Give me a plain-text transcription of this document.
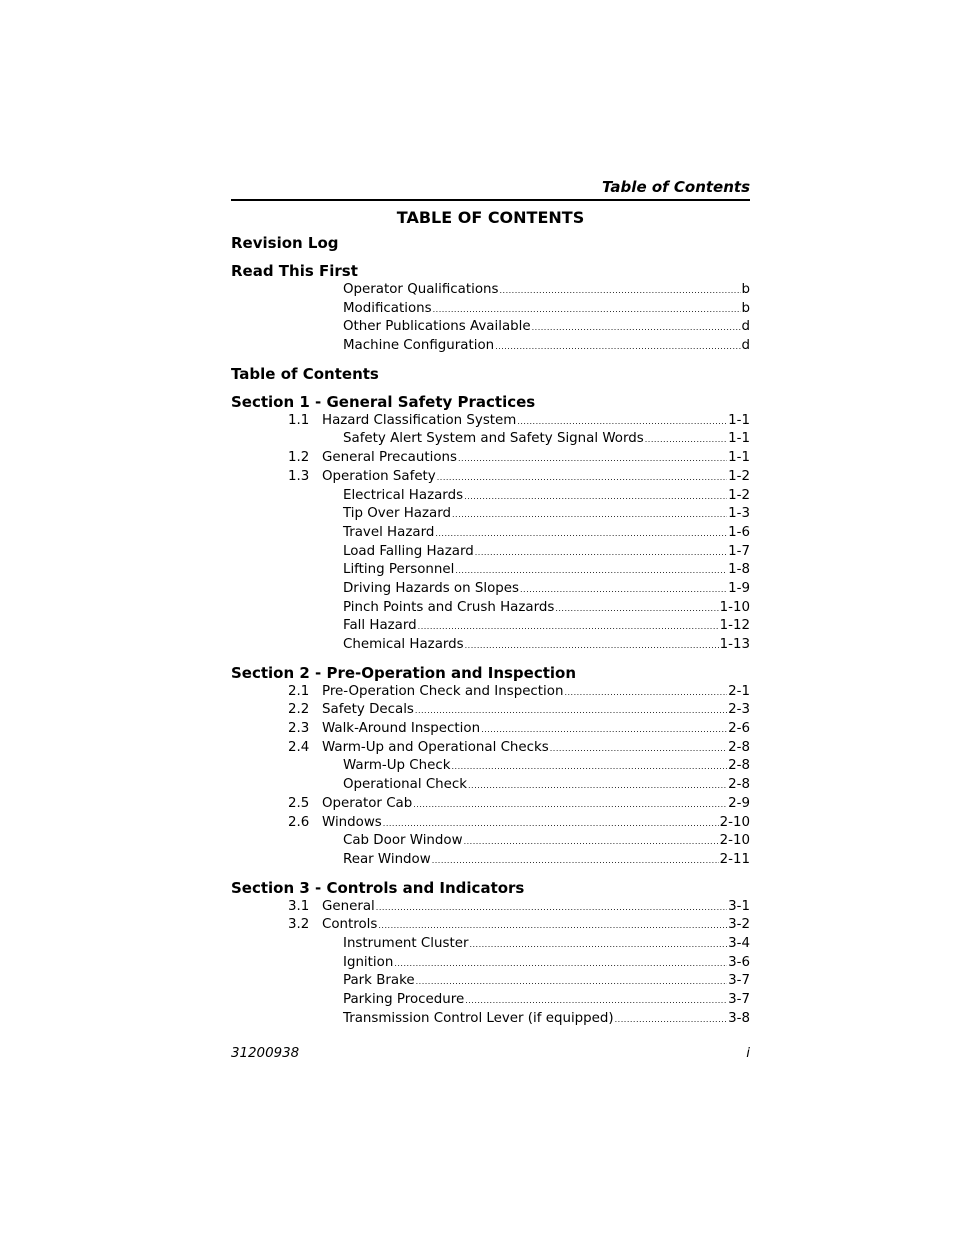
Table of Contents
TABLE OF CONTENTS
Revision Log
Read This First
Operator Qualifications .....	b
Modifications .....	b
Other Publications Available .....	d
Machine Configuration .....	d
Table of Contents
Section 1 - General Safety Practices
1.1 Hazard Classification System .....	1-1
Safety Alert System and Safety Signal Words .....	1-1
1.2 General Precautions .....	1-1
1.3 Operation Safety .....	1-2
Electrical Hazards .....	1-2
Tip Over Hazard .....	1-3
Travel Hazard .....	1-6
Load Falling Hazard .....	1-7
Lifting Personnel .....	1-8
Driving Hazards on Slopes .....	1-9
Pinch Points and Crush Hazards .....	1-10
Fall Hazard .....	1-12
Chemical Hazards .....	1-13
Section 2 - Pre-Operation and Inspection
2.1 Pre-Operation Check and Inspection .....	2-1
2.2 Safety Decals .....	2-3
2.3 Walk-Around Inspection .....	2-6
2.4 Warm-Up and Operational Checks .....	2-8
Warm-Up Check .....	2-8
Operational Check .....	2-8
2.5 Operator Cab .....	2-9
2.6 Windows .....	2-10
Cab Door Window .....	2-10
Rear Window .....	2-11
Section 3 - Controls and Indicators
3.1 General .....	3-1
3.2 Controls .....	3-2
Instrument Cluster .....	3-4
Ignition .....	3-6
Park Brake .....	3-7
Parking Procedure .....	3-7
Transmission Control Lever (if equipped) .....	3-8
31200938	i
